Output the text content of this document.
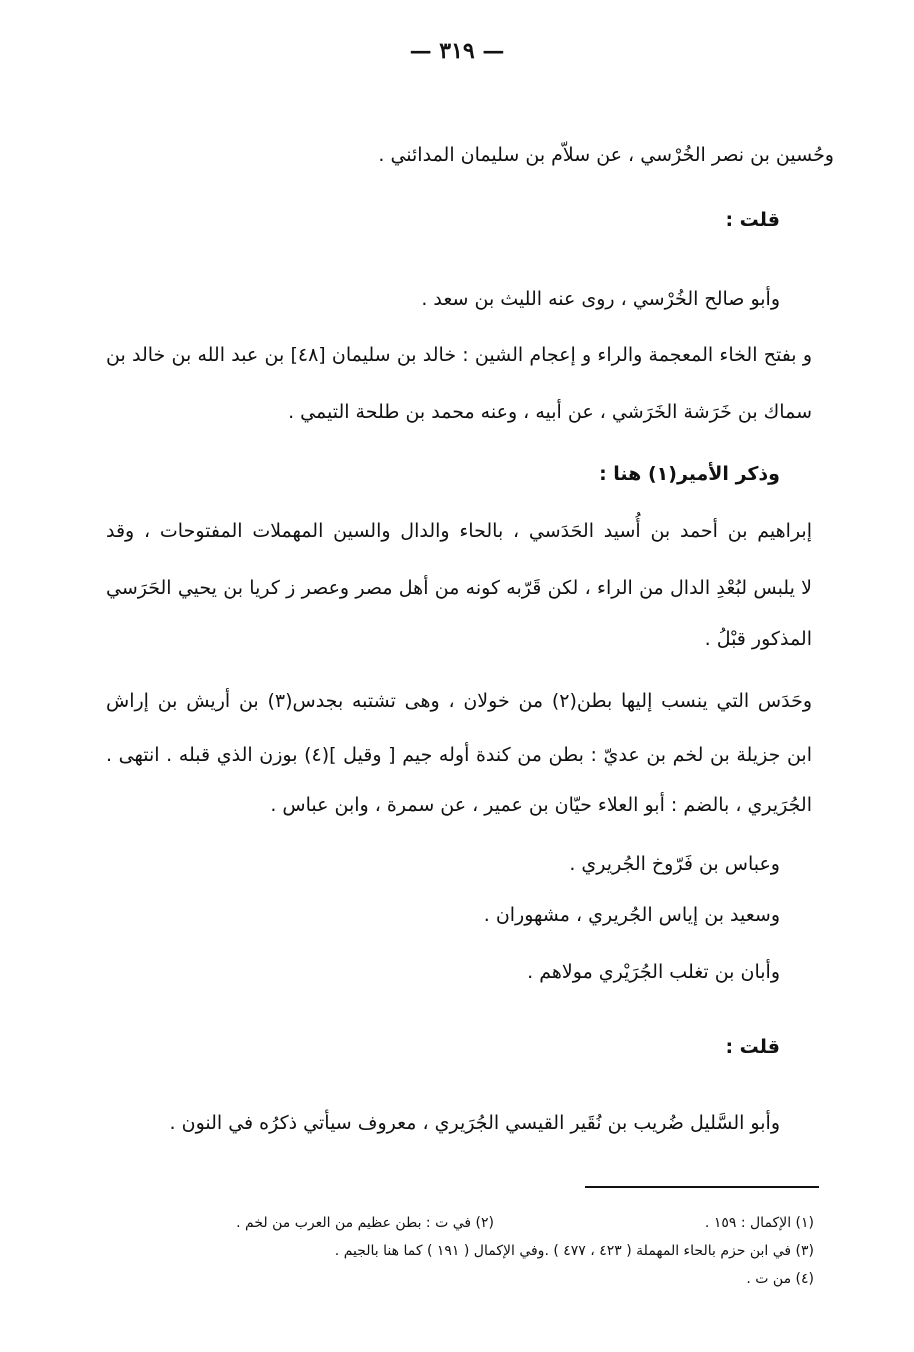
— ٣١٩ —
وحُسين بن نصر الخُرْسي ، عن سلاّم بن سليمان المدائني .
قلت :
وأبو صالح الخُرْسي ، روى عنه الليث بن سعد .
و بفتح الخاء المعجمة والراء و إعجام الشين : خالد بن سليمان [٤٨] بن عبد الله بن خالد بن
سماك بن خَرَشة الخَرَشي ، عن أبيه ، وعنه محمد بن طلحة التيمي .
وذكر الأمير(١) هنا :
إبراهيم بن أحمد بن أُسيد الحَدَسي ، بالحاء والدال والسين المهملات المفتوحات ، وقد
لا يلبس لبُعْدِ الدال من الراء ، لكن قَرّبه كونه من أهل مصر وعصر ز كريا بن يحيي الحَرَسي
المذكور قبْلُ .
وحَدَس التي ينسب إليها بطن(٢) من خولان ، وهى تشتبه بجدس(٣) بن أريش بن إراش
ابن جزيلة بن لخم بن عديّ : بطن من كندة أوله جيم [ وقيل ](٤) بوزن الذي قبله . انتهى .
الجُرَيري ، بالضم : أبو العلاء حيّان بن عمير ، عن سمرة ، وابن عباس .
وعباس بن فَرّوخ الجُريري .
وسعيد بن إياس الجُريري ، مشهوران .
وأبان بن تغلب الجُرَيْري مولاهم .
قلت :
وأبو السَّليل ضُريب بن نُقَير القيسي الجُرَيري ، معروف سيأتي ذكرُه في النون .
(١) الإكمال : ١٥٩ .
(٢) في ت : بطن عظيم من العرب من لخم .
(٣) في ابن حزم بالحاء المهملة ( ٤٢٣ ، ٤٧٧ ) .وفي الإكمال ( ١٩١ ) كما هنا بالجيم .
(٤) من ت .
